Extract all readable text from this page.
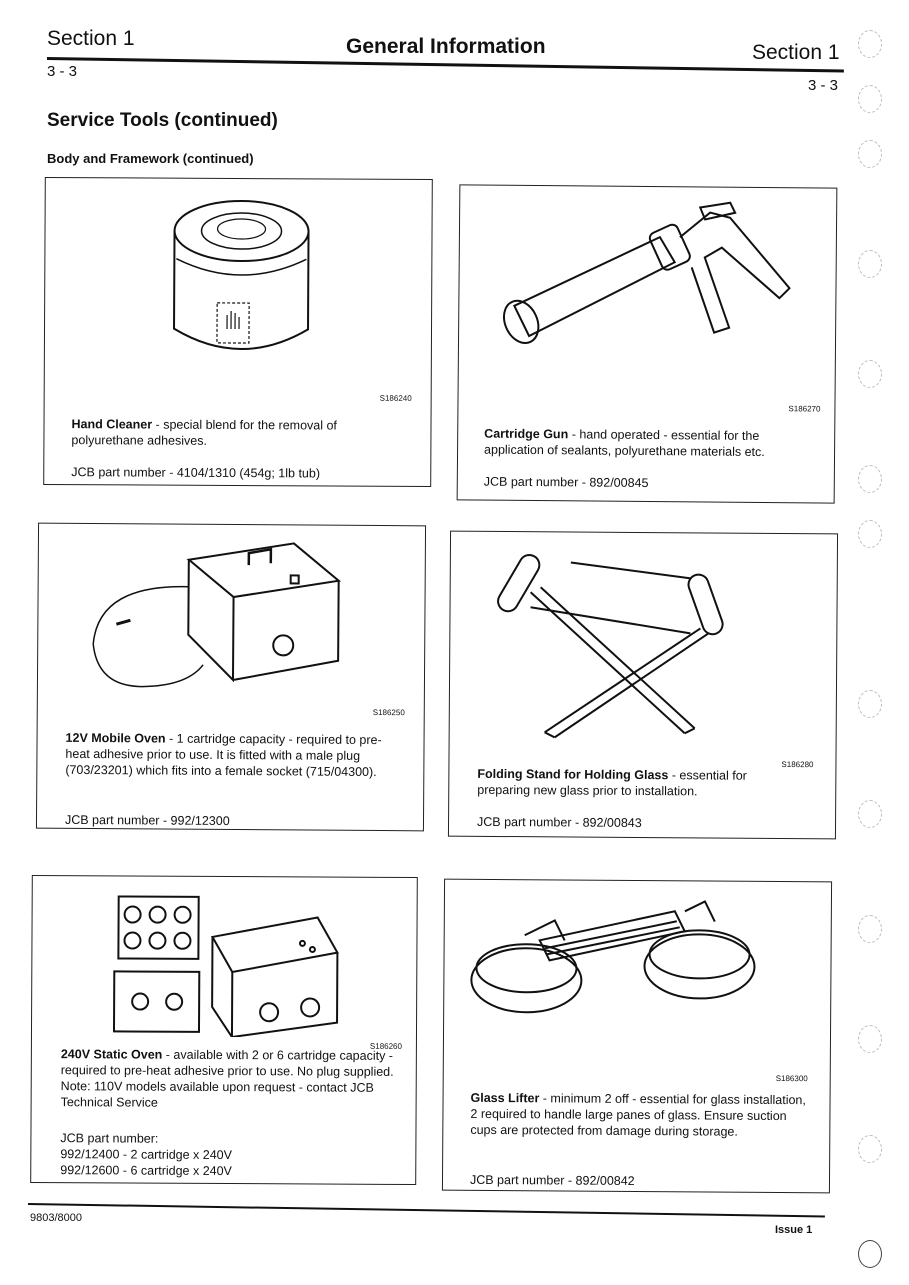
Section 1	General Information	Section 1
3 - 3
3 - 3
Service Tools (continued)
Body and Framework (continued)
S186240
Hand Cleaner - special blend for the removal of polyurethane adhesives.
JCB part number - 4104/1310 (454g; 1lb tub)
S186270
Cartridge Gun - hand operated - essential for the application of sealants, polyurethane materials etc.
JCB part number - 892/00845
S186250
12V Mobile Oven - 1 cartridge capacity - required to pre-heat adhesive prior to use. It is fitted with a male plug (703/23201) which fits into a female socket (715/04300).
JCB part number - 992/12300
S186280
Folding Stand for Holding Glass - essential for preparing new glass prior to installation.
JCB part number - 892/00843
S186260
240V Static Oven - available with 2 or 6 cartridge capacity - required to pre-heat adhesive prior to use. No plug supplied. Note: 110V models available upon request - contact JCB Technical Service
JCB part number:
992/12400 - 2 cartridge x 240V
992/12600 - 6 cartridge x 240V
S186300
Glass Lifter - minimum 2 off - essential for glass installation, 2 required to handle large panes of glass. Ensure suction cups are protected from damage during storage.
JCB part number - 892/00842
9803/8000
Issue 1
